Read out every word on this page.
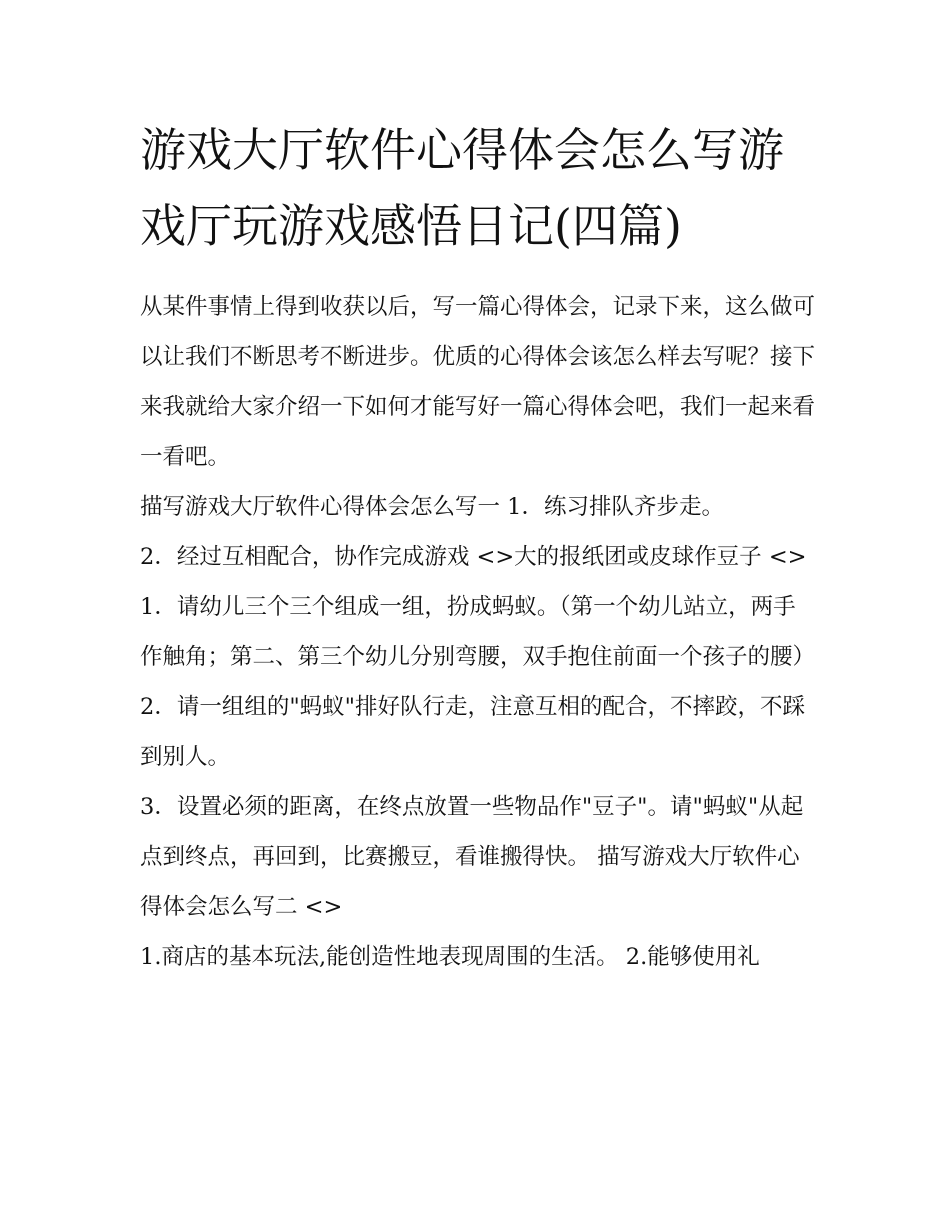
游戏大厅软件心得体会怎么写游戏厅玩游戏感悟日记(四篇)

从某件事情上得到收获以后，写一篇心得体会，记录下来，这么做可以让我们不断思考不断进步。优质的心得体会该怎么样去写呢？接下来我就给大家介绍一下如何才能写好一篇心得体会吧，我们一起来看一看吧。

描写游戏大厅软件心得体会怎么写一 1．练习排队齐步走。

2．经过互相配合，协作完成游戏 <>大的报纸团或皮球作豆子 <>

1．请幼儿三个三个组成一组，扮成蚂蚁。（第一个幼儿站立，两手作触角；第二、第三个幼儿分别弯腰，双手抱住前面一个孩子的腰）

2．请一组组的"蚂蚁"排好队行走，注意互相的配合，不摔跤，不踩到别人。

3．设置必须的距离，在终点放置一些物品作"豆子"。请"蚂蚁"从起点到终点，再回到，比赛搬豆，看谁搬得快。 描写游戏大厅软件心得体会怎么写二 <>

1.商店的基本玩法,能创造性地表现周围的生活。 2.能够使用礼
